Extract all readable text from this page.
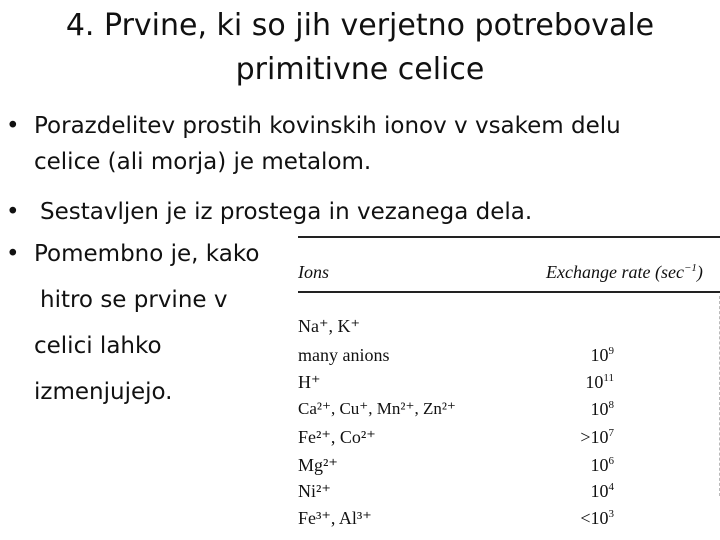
4. Prvine, ki so jih verjetno potrebovale
primitivne celice
• Porazdelitev prostih kovinskih ionov v vsakem delu
celice (ali morja) je metalom.
• Sestavljen je iz prostega in vezanega dela.
• Pomembno je, kako
hitro se prvine v
celici lahko
izmenjujejo.
Ions	Exchange rate $(\sec^{-1})$
Na⁺, K⁺
many anions	$10^9$
H⁺	$10^{11}$
Ca²⁺, Cu⁺, Mn²⁺, Zn²⁺	$10^8$
Fe²⁺, Co²⁺	$>10^7$
Mg²⁺	$10^6$
Ni²⁺	$10^4$
Fe³⁺, Al³⁺	$<10^3$
